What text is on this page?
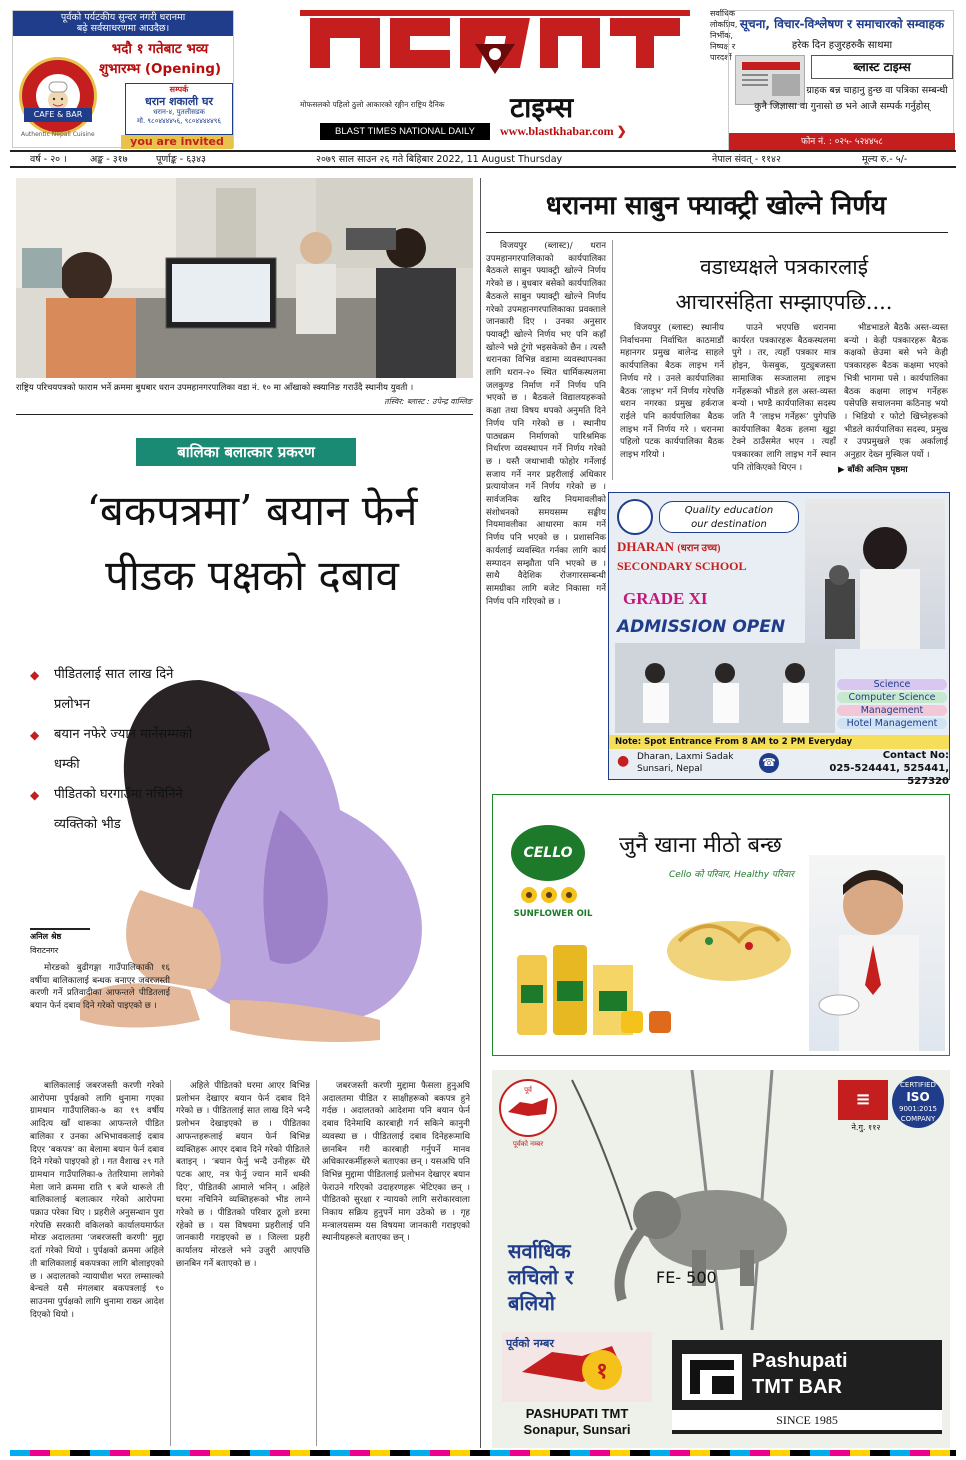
पूर्वको पर्यटकीय सुन्दर नगरी धरानमा
बढ़े सर्वसाधरणमा आउदैछ।
भदौ १ गतेबाट भव्य
शुभारम्भ (Opening)
CAFE & BAR
सम्पर्क
धरान शकाली घर
धरान-४, पुतलीसडक
मो. ९८०४४४४५६, ९८०४४४४४९६
Authentic Nepali Cuisine
you are invited
सर्वाधिक लोकप्रिय, निर्भीक, निष्पक्ष र पारदर्शी
मोफसलको पहिलो ठुलो आकारको रङ्गीन राष्ट्रिय दैनिक	टाइम्स
BLAST TIMES NATIONAL DAILY	www.blastkhabar.com ❯
सूचना, विचार-विश्लेषण र समाचारको सम्वाहक
हरेक दिन हजुरहरुकै साथमा
ब्लास्ट टाइम्स
ग्राहक बन्न चाहानु हुन्छ वा पत्रिका सम्बन्धी
कुनै जिज्ञासा वा गुनासो छ भने आजै सम्पर्क गर्नुहोस्
फोन नं. : ०२५- ५२४४५८
वर्ष - २० । अङ्क - ३१७	पूर्णाङ्क - ६३४३	२०७९ साल साउन २६ गते बिहिबार 2022, 11 August Thursday	नेपाल संवत् - ११४२	मूल्य रु.- ५/-
राष्ट्रिय परिचयपत्रको फाराम भर्ने क्रममा बुधबार धरान उपमहानगरपालिका वडा नं. १० मा आँखाको स्क्यानिङ गराउँदै स्थानीय युवती ।
तस्विर: ब्लास्ट : उपेन्द्र वाम्लिङ
बालिका बलात्कार प्रकरण
‘बकपत्रमा’ बयान फेर्न
पीडक पक्षको दबाव
◆ पीडितलाई सात लाख दिने प्रलोभन
◆ बयान नफेरे ज्यान मार्नेसम्मको धम्की
◆ पीडितको घरगाउँमा नचिनिने व्यक्तिको भीड
अनिल श्रेष्ठ
विराटनगर

मोरङको बुढीगङ्गा गाउँपालिकाकी १६ वर्षीया बालिकालाई बन्धक बनाएर जबरजस्ती करणी गर्ने प्रतिवादीका आफन्तले पीडितलाई बयान फेर्न दबाव दिने गरेको पाइएको छ ।

बालिकालाई जबरजस्ती करणी गरेको आरोपमा पुर्पक्षको लागि थुनामा गएका ग्रामथान गाउँपालिका-७ का १९ वर्षीय आदित्य खाँ थारूका आफन्तले पीडित बालिका र उनका अभिभावकलाई दबाव दिएर ‘बकपत्र’ का बेलामा बयान फेर्न दबाव दिने गरेको पाइएको हो । गत वैशाख २९ गते ग्रामथान गाउँपालिका-७ तेतरियामा लागेको मेला जाने क्रममा राति ९ बजे थारूले ती बालिकालाई बलात्कार गरेको आरोपमा पक्राउ परेका थिए । प्रहरीले अनुसन्धान पुरा गरेपछि सरकारी वकिलको कार्यालयमार्फत मोरङ अदालतमा ‘जबरजस्ती करणी’ मुद्दा दर्ता गरेको थियो । पुर्पक्षको क्रममा अहिले ती बालिकालाई बकपत्रका लागि बोलाइएको छ । अदालतको न्यायाधीश भरत लम्साल्को बेन्चले यसै मंगलबार बकपत्रलाई ९० साउनमा पुर्पक्षको लागि थुनामा राख्न आदेश दिएको थियो ।

अहिले पीडितको घरमा आएर बिभिन्न प्रलोभन देखाएर बयान फेर्न दबाव दिने गरेको छ । पीडितलाई सात लाख दिने भन्दै प्रलोभन देखाइएको छ । पीडितका आफन्तहरूलाई बयान फेर्न बिभिन्न व्यक्तिहरू आएर दबाव दिने गरेको पीडितले बताइन् । ‘बयान फेर्नु भन्दै उनीहरू धेरै पटक आए, नत्र फेर्नु ज्यान मार्ने धम्की दिए’, पीडितकी आमाले भनिन् । अहिले घरमा नचिनिने व्यक्तिहरूको भीड लाग्ने गरेको छ । पीडितको परिवार ठूलो डरमा रहेको छ । यस विषयमा प्रहरीलाई पनि जानकारी गराइएको छ । जिल्ला प्रहरी कार्यालय मोरङले भने उजुरी आएपछि छानबिन गर्ने बताएको छ ।

जबरजस्ती करणी मुद्दामा फैसला हुनुअघि अदालतमा पीडित र साक्षीहरूको बकपत्र हुने गर्दछ । अदालतको आदेशमा पनि बयान फेर्न दबाव दिनेमाथि कारबाही गर्न सकिने कानुनी व्यवस्था छ । पीडितलाई दबाव दिनेहरूमाथि छानबिन गरी कारबाही गर्नुपर्ने मानव अधिकारकर्मीहरूले बताएका छन् । यसअघि पनि विभिन्न मुद्दामा पीडितलाई प्रलोभन देखाएर बयान फेराउने गरिएको उदाहरणहरू भेटिएका छन् । पीडितको सुरक्षा र न्यायको लागि सरोकारवाला निकाय सक्रिय हुनुपर्ने माग उठेको छ । गृह मन्त्रालयसम्म यस विषयमा जानकारी गराइएको स्थानीयहरूले बताएका छन् ।

धरानमा साबुन फ्याक्ट्री खोल्ने निर्णय

विजयपुर (ब्लास्ट)/ धरान उपमहानगरपालिकाको कार्यपालिका बैठकले साबुन फ्याक्ट्री खोल्ने निर्णय गरेको छ । बुधबार बसेको कार्यपालिका बैठकले साबुन फ्याक्ट्री खोल्ने निर्णय गरेको उपमहानगरपालिकाका प्रवक्ताले जानकारी दिए । उनका अनुसार फ्याक्ट्री खोल्ने निर्णय भए पनि कहाँ खोल्ने भन्ने टुंगो भइसकेको छैन । त्यस्तै धरानका विभिन्न वडामा व्यवस्थापनका लागि धरान-२० स्थित धार्मिकस्थलमा जलकुण्ड निर्माण गर्ने निर्णय पनि भएको छ । बैठकले विद्यालयहरूको कक्षा तथा विषय थपको अनुमति दिने निर्णय पनि गरेको छ । स्थानीय पाठ्यक्रम निर्माणको पारिश्रमिक निर्धारण व्यवस्थापन गर्ने निर्णय गरेको छ । यस्तै जथाभावी फोहोर गर्नेलाई सजाय गर्ने नगर प्रहरीलाई अधिकार प्रत्यायोजन गर्ने निर्णय गरेको छ । सार्वजनिक खरिद नियमावलीको संशोधनको समयसम्म सङ्घीय नियमावलीका आधारमा काम गर्ने निर्णय पनि भएको छ । प्रशासनिक कार्यलाई व्यवस्थित गर्नका लागि कार्य सम्पादन सम्झौता पनि भएको छ । साथै वैदेशिक रोजगारसम्बन्धी सामग्रीका लागि बजेट निकासा गर्ने निर्णय पनि गरिएको छ ।

वडाध्यक्षले पत्रकारलाई
आचारसंहिता सम्झाएपछि....

विजयपुर (ब्लास्ट) स्थानीय निर्वाचनमा निर्वाचित काठमाडौं महानगर प्रमुख बालेन्द्र साहले कार्यपालिका बैठक लाइभ गर्ने निर्णय गरे । उनले कार्यपालिका बैठक ‘लाइभ’ गर्ने निर्णय गरेपछि धरान नगरका प्रमुख हर्कराज राईले पनि कार्यपालिका बैठक लाइभ गर्ने निर्णय गरे । धरानमा पहिलो पटक कार्यपालिका बैठक लाइभ गरियो ।

पाउने भएपछि धरानमा कार्यरत पत्रकारहरू बैठकस्थलमा पुगे । तर, त्यहाँ पत्रकार मात्र होइन, फेसबुक, युट्युबजस्ता सामाजिक सञ्जालमा लाइभ गर्नेहरूको भीडले हल अस्त-व्यस्त बन्यो । भण्डै कार्यपालिका सदस्य जति नै ‘लाइभ गर्नेहरू’ पुगेपछि कार्यपालिका बैठक हलमा खुट्टा टेक्ने ठाउँसमेत भएन । त्यहाँ पत्रकारका लागि लाइभ गर्ने स्थान पनि तोकिएको थिएन ।

भीडभाडले बैठकै अस्त-व्यस्त बन्यो । केही पत्रकारहरू बैठक कक्षको छेउमा बसे भने केही पत्रकारहरू बैठक कक्षमा भएको भित्री भागमा पसे । कार्यपालिका बैठक कक्षमा लाइभ गर्नेहरू पसेपछि सचालनमा कठिनाइ भयो । भिडियो र फोटो खिच्नेहरूको भीडले कार्यपालिका सदस्य, प्रमुख र उपप्रमुखले एक अर्कालाई अनुहार देख्न मुस्किल पर्यो ।

▶ बाँकी अन्तिम पृष्ठमा
Quality education
our destination
DHARAN (धरान उच्च)
SECONDARY SCHOOL
GRADE XI
ADMISSION OPEN
Science
Computer Science
Management
Hotel Management
Note: Spot Entrance From 8 AM to 2 PM Everyday
● Dharan, Laxmi Sadak
Sunsari, Nepal	☎
Contact No:
025-524441, 525441, 527320
CELLO
SUNFLOWER OIL
जुनै खाना मीठो बन्छ
Cello को परिवार, Healthy परिवार
पूर्व
पूर्वको नम्बर
≡
ने.गु. ११२
CERTIFIED
ISO
9001:2015
COMPANY
सर्वाधिक
लचिलो र
बलियो
FE- 500
१
पूर्वको नम्बर
PASHUPATI TMT
Sonapur, Sunsari
Pashupati
TMT BAR
SINCE 1985
